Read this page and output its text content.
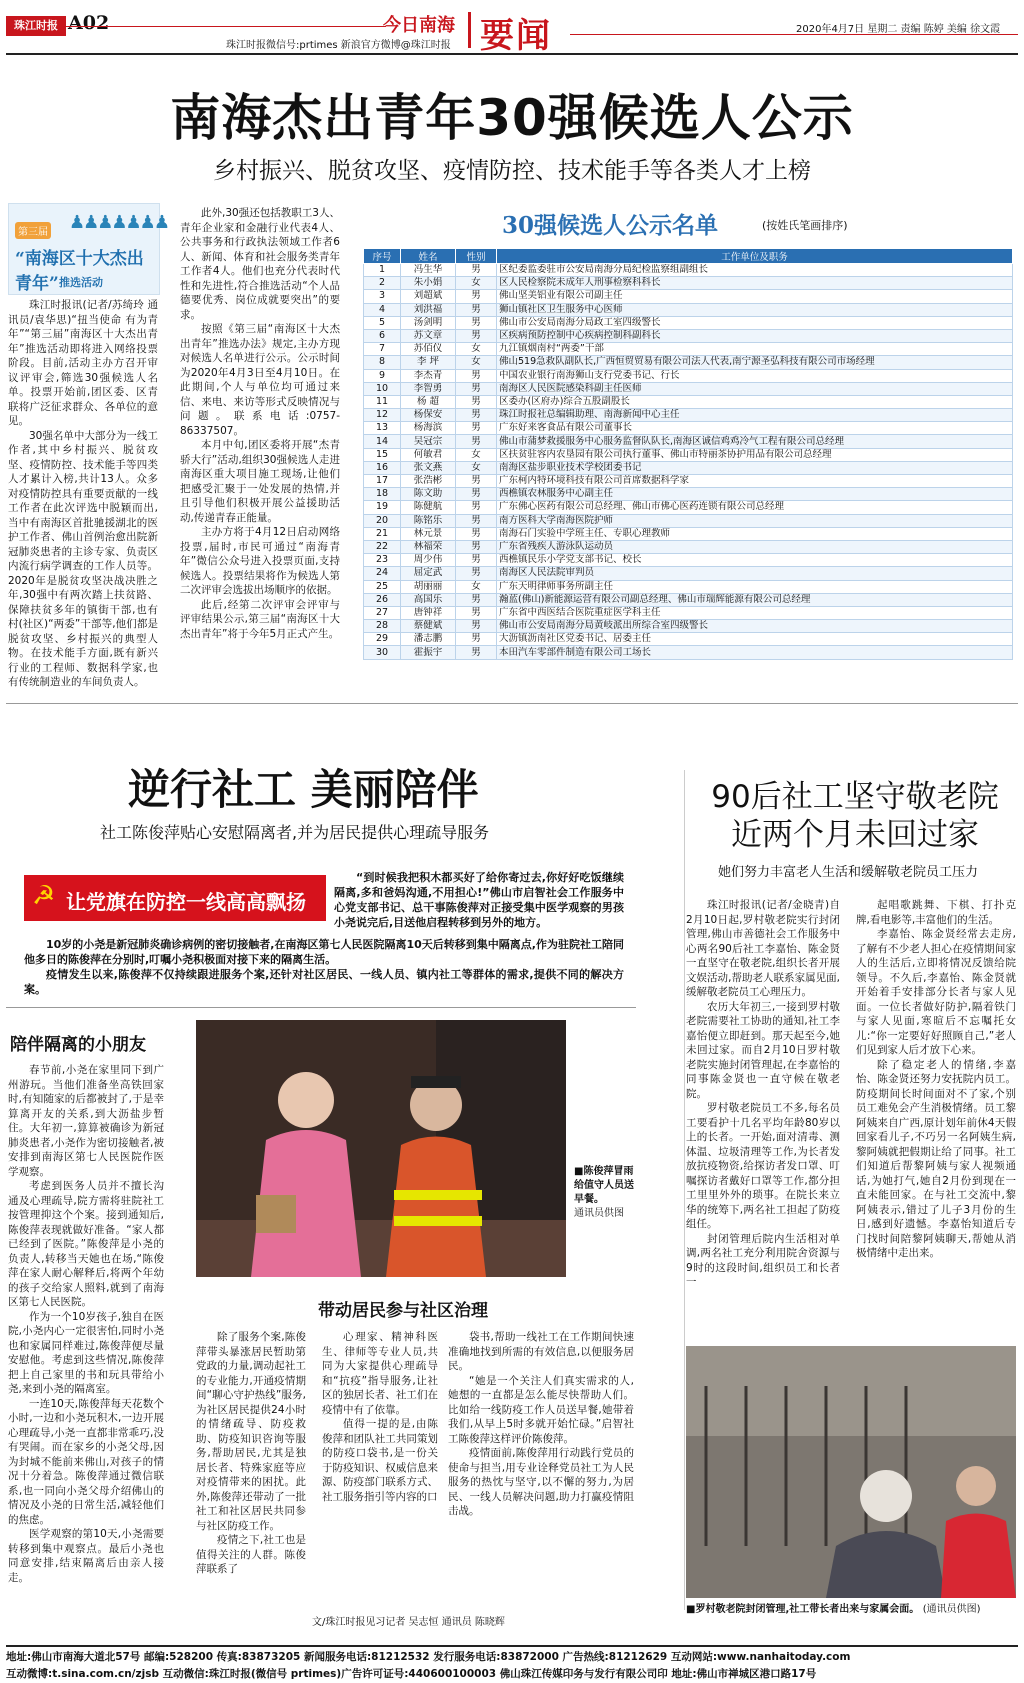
珠江时报 A02
珠江时报微信号:prtimes 新浪官方微博@珠江时报
今日南海 要闻	2020年4月7日 星期二 责编 陈婷 美编 徐文霞
南海杰出青年30强候选人公示
乡村振兴、脱贫攻坚、疫情防控、技术能手等各类人才上榜
第三届 ♟♟♟♟♟♟♟
“南海区十大杰出青年” 推选活动

珠江时报讯(记者/苏绮玲 通讯员/袁华思)“扭当使命 有为青年”“第三届”南海区十大杰出青年”推选活动即将进入网络投票阶段。目前,活动主办方召开审议评审会,筛选30强候选人名单。投票开始前,团区委、区青联将广泛征求群众、各单位的意见。

30强名单中大部分为一线工作者,其中乡村振兴、脱贫攻坚、疫情防控、技术能手等四类人才累计入榜,共计13人。众多对疫情防控具有重要贡献的一线工作者在此次评选中脱颖而出,当中有南海区首批驰援湖北的医护工作者、佛山首例治愈出院新冠肺炎患者的主诊专家、负责区内流行病学调查的工作人员等。2020年是脱贫攻坚决战决胜之年,30强中有两次踏上扶贫路、保障扶贫多年的镇街干部,也有村(社区)“两委”干部等,他们都是脱贫攻坚、乡村振兴的典型人物。在技术能手方面,既有新兴行业的工程师、数据科学家,也有传统制造业的车间负责人。

此外,30强还包括教职工3人、青年企业家和金融行业代表4人、公共事务和行政执法领域工作者6人、新闻、体育和社会服务类青年工作者4人。他们也充分代表时代性和先进性,符合推选活动“个人品德要优秀、岗位成就要突出”的要求。

按照《第三届“南海区十大杰出青年”推选办法》规定,主办方现对候选人名单进行公示。公示时间为2020年4月3日至4月10日。在此期间,个人与单位均可通过来信、来电、来访等形式反映情况与问题。联系电话:0757-86337507。

本月中旬,团区委将开展“杰青骄大行”活动,组织30强候选人走进南海区重大项目施工现场,让他们把感受汇聚于一处发展的热情,并且引导他们积极开展公益援助活动,传递青春正能量。

主办方将于4月12日启动网络投票,届时,市民可通过“南海青年”微信公众号进入投票页面,支持候选人。投票结果将作为候选人第二次评审会选拔出场顺序的依据。

此后,经第二次评审会评审与评审结果公示,第三届“南海区十大杰出青年”将于今年5月正式产生。

30强候选人公示名单	(按姓氏笔画排序)
序号	姓名	性别	工作单位及职务
1	冯生华	男	区纪委监委驻市公安局南海分局纪检监察组副组长
2	朱小娟	女	区人民检察院未成年人刑事检察科科长
3	刘超斌	男	佛山坚美铝业有限公司副主任
4	刘洪福	男	狮山镇社区卫生服务中心医师
5	汤剑明	男	佛山市公安局南海分局政工室四级警长
6	苏文章	男	区疾病预防控制中心疾病控制科副科长
7	苏佰仪	女	九江镇烟南村“两委”干部
8	李 坪	女	佛山519急救队副队长,广西恒贸贸易有限公司法人代表,南宁源圣弘科技有限公司市场经理
9	李杰青	男	中国农业银行南海狮山支行党委书记、行长
10	李智勇	男	南海区人民医院感染科副主任医师
11	杨 超	男	区委办(区府办)综合五股副股长
12	杨保安	男	珠江时报社总编辑助理、南海新闻中心主任
13	杨海滨	男	广东好来客食品有限公司董事长
14	吴冠宗	男	佛山市蒲梦救援服务中心服务监督队队长,南海区诚信鸡鸡冷气工程有限公司总经理
15	何敏君	女	区扶贫驻容内农垦园有限公司执行董事、佛山市特丽茶协护用品有限公司总经理
16	张文燕	女	南海区盐步职业技术学校团委书记
17	张浩彬	男	广东柯内特环境科技有限公司首席数据科学家
18	陈文助	男	西樵镇农林服务中心副主任
19	陈健航	男	广东佛心医药有限公司总经理、佛山市佛心医药连锁有限公司总经理
20	陈铭乐	男	南方医科大学南海医院护师
21	林元景	男	南海石门实验中学班主任、专职心理教师
22	林福荣	男	广东省残疾人游泳队运动员
23	周少伟	男	西樵镇民乐小学党支部书记、校长
24	屈定武	男	南海区人民法院审判员
25	胡丽丽	女	广东天明律师事务所副主任
26	高国乐	男	瀚蓝(佛山)新能源运营有限公司副总经理、佛山市瑞辉能源有限公司总经理
27	唐钟祥	男	广东省中西医结合医院重症医学科主任
28	蔡健斌	男	佛山市公安局南海分局黄岐派出所综合室四级警长
29	潘志鹏	男	大沥镇沥南社区党委书记、居委主任
30	霍振宇	男	本田汽车零部件制造有限公司工场长
逆行社工 美丽陪伴
社工陈俊萍贴心安慰隔离者,并为居民提供心理疏导服务
☭ 让党旗在防控一线高高飘扬

“到时候我把积木都买好了给你寄过去,你好好吃饭继续隔离,多和爸妈沟通,不用担心!”佛山市启智社会工作服务中心党支部书记、总干事陈俊萍对正接受集中医学观察的男孩小尧说完后,目送他启程转移到另外的地方。

10岁的小尧是新冠肺炎确诊病例的密切接触者,在南海区第七人民医院隔离10天后转移到集中隔离点,作为驻院社工陪同他多日的陈俊萍在分别时,叮嘱小尧积极面对接下来的隔离生活。

疫情发生以来,陈俊萍不仅持续跟进服务个案,还针对社区居民、一线人员、镇内社工等群体的需求,提供不同的解决方案。

陪伴隔离的小朋友

春节前,小尧在家里同下到广州游玩。当他们准备坐高铁回家时,有知随家的后都被封了,于是幸算离开友的关系,到大沥盐步暂住。大年初一,算算被确诊为新冠肺炎患者,小尧作为密切接触者,被安排到南海区第七人民医院作医学观察。

考虑到医务人员并不擅长沟通及心理疏导,院方需将驻院社工按管理抑这个个案。接到通知后,陈俊萍表现就做好准备。“家人都已经到了医院。”陈俊萍是小尧的负责人,转移当天她也在场,“陈俊萍在家人耐心解释后,将两个年幼的孩子交给家人照料,就到了南海区第七人民医院。

作为一个10岁孩子,独自在医院,小尧内心一定很害怕,同时小尧也和家属同样难过,陈俊萍便尽量安慰他。考虑到这些情况,陈俊萍把上自己家里的书和玩具带给小尧,来到小尧的隔离室。

一连10天,陈俊萍每天花数个小时,一边和小尧玩积木,一边开展心理疏导,小尧一直都非常乖巧,没有哭闹。而在家乡的小尧父母,因为封城不能前来佛山,对孩子的情况十分着急。陈俊萍通过微信联系,也一同向小尧父母介绍佛山的情况及小尧的日常生活,减轻他们的焦虑。

医学观察的第10天,小尧需要转移到集中观察点。最后小尧也同意安排,结束隔离后由亲人接走。

■陈俊萍冒雨给值守人员送早餐。
通讯员供图
带动居民参与社区治理

除了服务个案,陈俊萍带头暴涨居民暂助第党政的力量,调动起社工的专业能力,开通疫情期间“聊心守护热线”服务,为社区居民提供24小时的情绪疏导、防疫救助、防疫知识咨询等服务,帮助居民,尤其是独居长者、特殊家庭等应对疫情带来的困扰。此外,陈俊萍还带动了一批社工和社区居民共同参与社区防疫工作。

疫情之下,社工也是值得关注的人群。陈俊萍联系了

心理家、精神科医生、律师等专业人员,共同为大家提供心理疏导和“抗疫”指导服务,让社区的独居长者、社工们在疫情中有了依靠。

值得一提的是,由陈俊萍和团队社工共同策划的防疫口袋书,是一份关于防疫知识、权威信息来源、防疫部门联系方式、社工服务指引等内容的口

袋书,帮助一线社工在工作期间快速准确地找到所需的有效信息,以便服务居民。

“她是一个关注人们真实需求的人,她想的一直都是怎么能尽快帮助人们。比如给一线防疫工作人员送早餐,她带着我们,从早上5时多就开始忙碌。”启智社工陈俊萍这样评价陈俊萍。

疫情面前,陈俊萍用行动践行党员的使命与担当,用专业诠释党员社工为人民服务的热忱与坚守,以不懈的努力,为居民、一线人员解决问题,助力打赢疫情阻击战。

文/珠江时报见习记者 吴志恒 通讯员 陈晓辉
90后社工坚守敬老院
近两个月未回过家
她们努力丰富老人生活和缓解敬老院员工压力

珠江时报讯(记者/金晓青)自2月10日起,罗村敬老院实行封闭管理,佛山市善德社会工作服务中心两名90后社工李嘉怡、陈金贤一直坚守在敬老院,组织长者开展文娱活动,帮助老人联系家属见面,缓解敬老院员工心理压力。

农历大年初三,一接到罗村敬老院需要社工协助的通知,社工李嘉怡便立即赶到。那天起至今,她未回过家。而自2月10日罗村敬老院实施封闭管理起,在李嘉怡的同事陈金贤也一直守候在敬老院。

罗村敬老院员工不多,每名员工要看护十几名平均年龄80岁以上的长者。一开始,面对清毒、测体温、垃圾清理等工作,为长者发放抗疫物资,给探访者发口罩、叮嘱探访者戴好口罩等工作,都分担工里里外外的琐事。在院长来立华的统筹下,两名社工担起了防疫组任。

封闭管理后院内生活相对单调,两名社工充分利用院舍资源与9时的这段时间,组织员工和长者一

起唱歌跳舞、下棋、打扑克牌,看电影等,丰富他们的生活。

李嘉怡、陈金贤经常去走房,了解有不少老人担心在疫情期间家人的生活后,立即将情况反馈给院领导。不久后,李嘉怡、陈金贤就开始着手安排部分长者与家人见面。一位长者做好防护,隔着铁门与家人见面,寒暄后不忘嘱托女儿:“你一定要好好照顾自己,”老人们见到家人后才放下心来。

除了稳定老人的情绪,李嘉怡、陈金贤还努力安抚院内员工。防疫期间长时间面对不了家,个别员工难免会产生消极情绪。员工黎阿姨来自广西,原计划年前休4天假回家看儿子,不巧另一名阿姨生病,黎阿姨就把假期让给了同事。社工们知道后帮黎阿姨与家人视频通话,为她打气,她自2月份到现在一直未能回家。在与社工交流中,黎阿姨表示,错过了儿子3月份的生日,感到好遗憾。李嘉怡知道后专门找时间陪黎阿姨聊天,帮她从消极情绪中走出来。

■罗村敬老院封闭管理,社工带长者出来与家属会面。 (通讯员供图)
地址:佛山市南海大道北57号 邮编:528200 传真:83873205 新闻服务电话:81212532 发行服务电话:83872000 广告热线:81212629 互动网站:www.nanhaitoday.com
互动微博:t.sina.com.cn/zjsb 互动微信:珠江时报(微信号 prtimes)广告许可证号:440600100003 佛山珠江传媒印务与发行有限公司印 地址:佛山市禅城区港口路17号
